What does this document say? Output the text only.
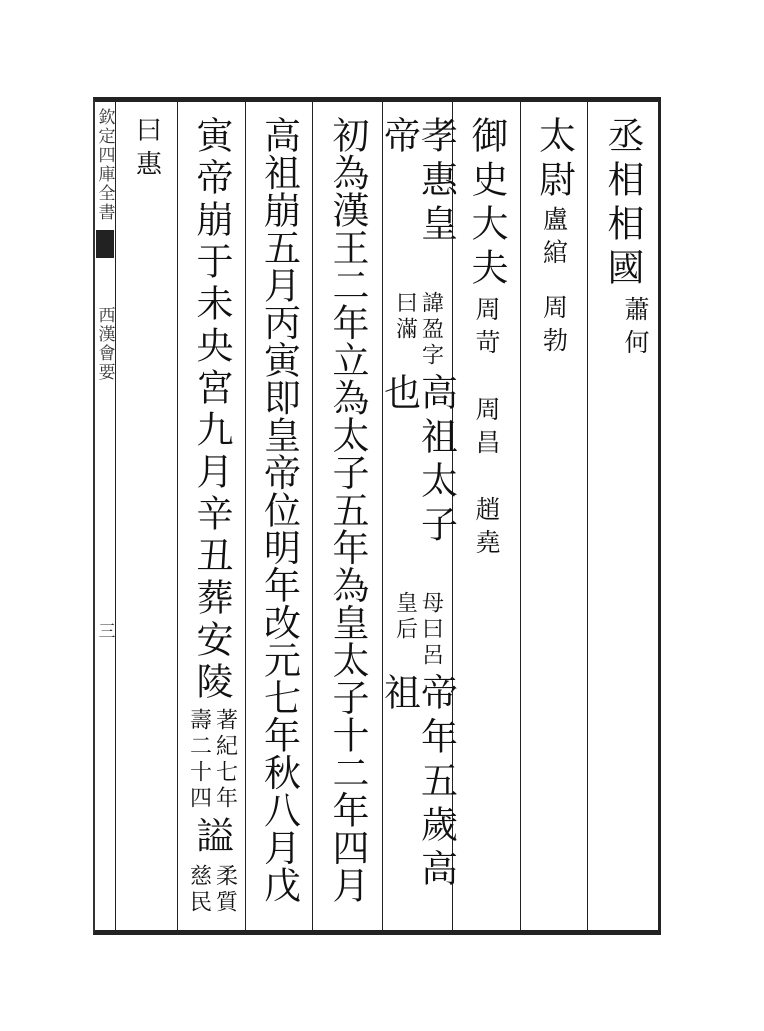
欽定四庫全書
西漢會要
三
丞相相國
蕭何
太尉
盧綰
周勃
御史大夫
周苛
周昌
趙堯
孝惠皇帝
諱盈字
曰滿
高祖太子也
母曰呂
皇后
帝年五歲高祖
初為漢王二年立為太子五年為皇太子十二年四月
高祖崩五月丙寅即皇帝位明年改元七年秋八月戊
寅帝崩于未央宮九月辛丑葬安陵
著紀七年
壽二十四
謚
柔質
慈民
曰惠
